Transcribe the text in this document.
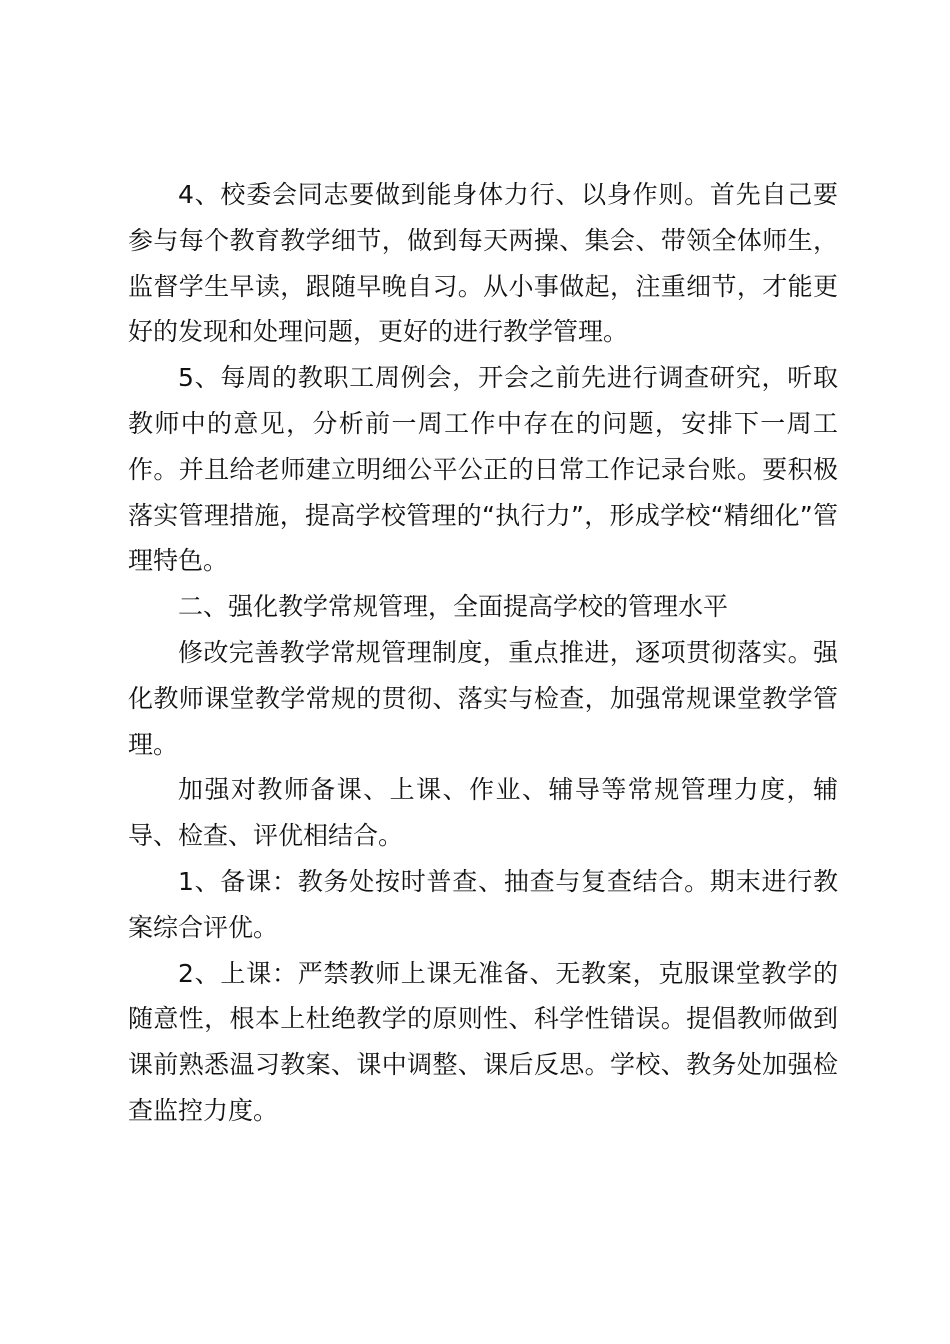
4、校委会同志要做到能身体力行、以身作则。首先自己要参与每个教育教学细节，做到每天两操、集会、带领全体师生，监督学生早读，跟随早晚自习。从小事做起，注重细节，才能更好的发现和处理问题，更好的进行教学管理。

5、每周的教职工周例会，开会之前先进行调查研究，听取教师中的意见，分析前一周工作中存在的问题，安排下一周工作。并且给老师建立明细公平公正的日常工作记录台账。要积极落实管理措施，提高学校管理的“执行力”，形成学校“精细化”管理特色。

二、强化教学常规管理，全面提高学校的管理水平

修改完善教学常规管理制度，重点推进，逐项贯彻落实。强化教师课堂教学常规的贯彻、落实与检查，加强常规课堂教学管理。

加强对教师备课、上课、作业、辅导等常规管理力度，辅导、检查、评优相结合。

1、备课：教务处按时普查、抽查与复查结合。期末进行教案综合评优。

2、上课：严禁教师上课无准备、无教案，克服课堂教学的随意性，根本上杜绝教学的原则性、科学性错误。提倡教师做到课前熟悉温习教案、课中调整、课后反思。学校、教务处加强检查监控力度。
